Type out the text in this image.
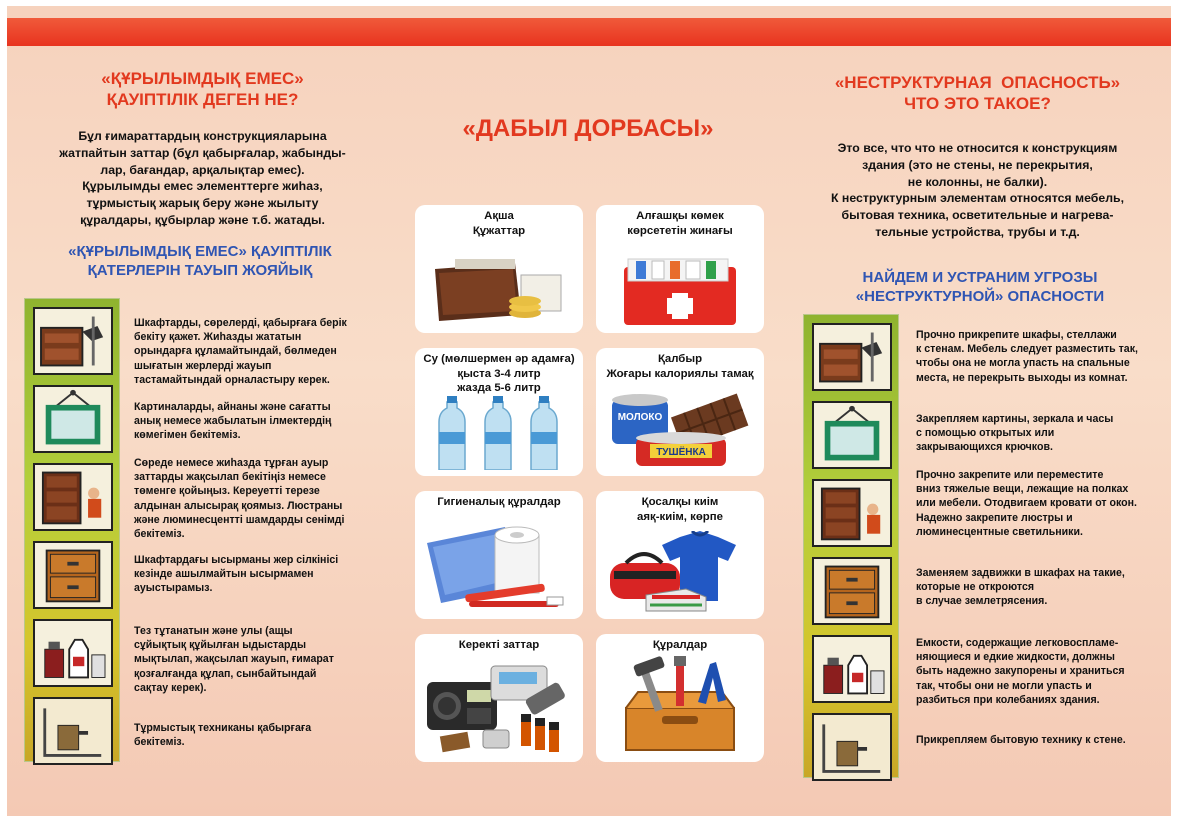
«ҚҰРЫЛЫМДЫҚ ЕМЕС»
ҚАУІПТІЛІК ДЕГЕН НЕ?
Бұл ғимараттардың конструкцияларына
жатпайтын заттар (бұл қабырғалар, жабынды-
лар, бағандар, арқалықтар емес).
Құрылымды емес элементтерге жиһаз,
тұрмыстық жарық беру және жылыту
құралдары, құбырлар және т.б. жатады.
«ҚҰРЫЛЫМДЫҚ ЕМЕС» ҚАУІПТІЛІК
ҚАТЕРЛЕРІН ТАУЫП ЖОЯЙЫҚ
Шкафтарды, сөрелерді, қабырғаға берік
бекіту қажет. Жиһазды жататын
орындарға құламайтындай, бөлмеден
шығатын жерлерді жауып
тастамайтындай орналастыру керек.
Картиналарды, айнаны және сағатты
анық немесе жабылатын ілмектердің
көмегімен бекітеміз.
Сөреде немесе жиһазда тұрған ауыр
заттарды жақсылап бекітіңіз немесе
төменге қойыңыз. Кереуетті терезе
алдынан алысырақ қоямыз. Люстраны
және люминесцентті шамдарды сенімді
бекітеміз.
Шкафтардағы ысырманы жер сілкінісі
кезінде ашылмайтын ысырмамен
ауыстырамыз.
Тез тұтанатын және улы (ащы
сұйықтық құйылған ыдыстарды
мықтылап, жақсылап жауып, ғимарат
қозғалғанда құлап, сынбайтындай
сақтау керек).
Тұрмыстық техниканы қабырғаға
бекітеміз.
«ДАБЫЛ ДОРБАСЫ»
Ақша
Құжаттар
Алғашқы көмек
көрсететін жинағы
Су (мөлшермен әр адамға)
қыста 3-4 литр
жазда 5-6 литр
Қалбыр
Жоғары калориялы тамақ
МОЛОКО
ТУШЁНКА
Гигиеналық құралдар	Қосалқы киім
аяқ-киім, көрпе
Керекті заттар	Құралдар
«НЕСТРУКТУРНАЯ  ОПАСНОСТЬ»
ЧТО ЭТО ТАКОЕ?
Это все, что что не относится к конструкциям
здания (это не стены, не перекрытия,
не колонны, не балки).
К неструктурным элементам относятся мебель,
бытовая техника, осветительные и нагрева-
тельные устройства, трубы и т.д.
НАЙДЕМ И УСТРАНИМ УГРОЗЫ
«НЕСТРУКТУРНОЙ» ОПАСНОСТИ
Прочно прикрепите шкафы, стеллажи
к стенам. Мебель следует разместить так,
чтобы она не могла упасть на спальные
места, не перекрыть выходы из комнат.
Закрепляем картины, зеркала и часы
с помощью открытых или
закрывающихся крючков.
Прочно закрепите или переместите
вниз тяжелые вещи, лежащие на полках
или мебели. Отодвигаем кровати от окон.
Надежно закрепите люстры и
люминесцентные светильники.
Заменяем задвижки в шкафах на такие,
которые не откроются
в случае землетрясения.
Емкости, содержащие легковоспламе-
няющиеся и едкие жидкости, должны
быть надежно закупорены и храниться
так, чтобы они не могли упасть и
разбиться при колебаниях здания.
Прикрепляем бытовую технику к стене.
